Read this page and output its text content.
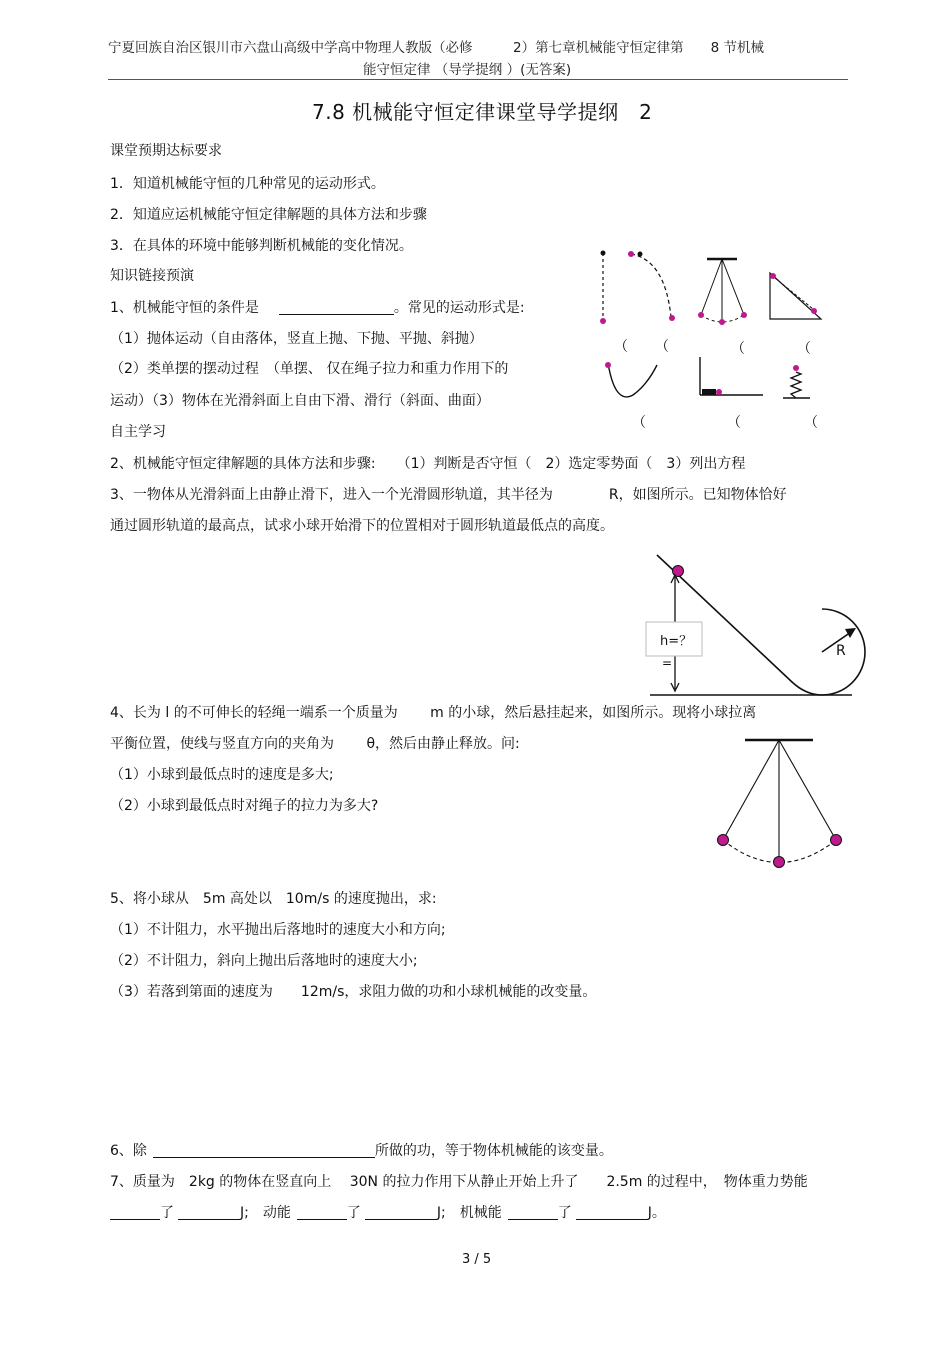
宁夏回族自治区银川市六盘山高级中学高中物理人教版（必修　　　2）第七章机械能守恒定律第　　8 节机械
能守恒定律 （导学提纲 ）(无答案)
7.8 机械能守恒定律课堂导学提纲　2
课堂预期达标要求
1．知道机械能守恒的几种常见的运动形式。
2．知道应运机械能守恒定律解题的具体方法和步骤
3．在具体的环境中能够判断机械能的变化情况。
知识链接预演
1、机械能守恒的条件是	。常见的运动形式是:
（1）抛体运动（自由落体，竖直上抛、下抛、平抛、斜抛）
（2）类单摆的摆动过程　（单摆、 仅在绳子拉力和重力作用下的
运动）（3）物体在光滑斜面上自由下滑、滑行（斜面、曲面）
（ （	（	（
（	（	（
自主学习
2、机械能守恒定律解题的具体方法和步骤:　　（1）判断是否守恒（　2）选定零势面（　3）列出方程
3、一物体从光滑斜面上由静止滑下，进入一个光滑圆形轨道，其半径为　　　　R，如图所示。已知物体恰好
通过圆形轨道的最高点，试求小球开始滑下的位置相对于圆形轨道最低点的高度。
h=？
=
R
4、长为 l 的不可伸长的轻绳一端系一个质量为　　 m 的小球，然后悬挂起来，如图所示。现将小球拉离
平衡位置，使线与竖直方向的夹角为　　 θ，然后由静止释放。问:
（1）小球到最低点时的速度是多大;
（2）小球到最低点时对绳子的拉力为多大?
5、将小球从　5m 高处以　10m/s 的速度抛出，求:
（1）不计阻力，水平抛出后落地时的速度大小和方向;
（2）不计阻力，斜向上抛出后落地时的速度大小;
（3）若落到第面的速度为　　12m/s，求阻力做的功和小球机械能的改变量。
6、除	所做的功，等于物体机械能的该变量。
7、质量为　2kg 的物体在竖直向上　 30N 的拉力作用下从静止开始上升了　　2.5m 的过程中，　物体重力势能
了	J;　动能	了	J;　机械能	了	J。
3 / 5
